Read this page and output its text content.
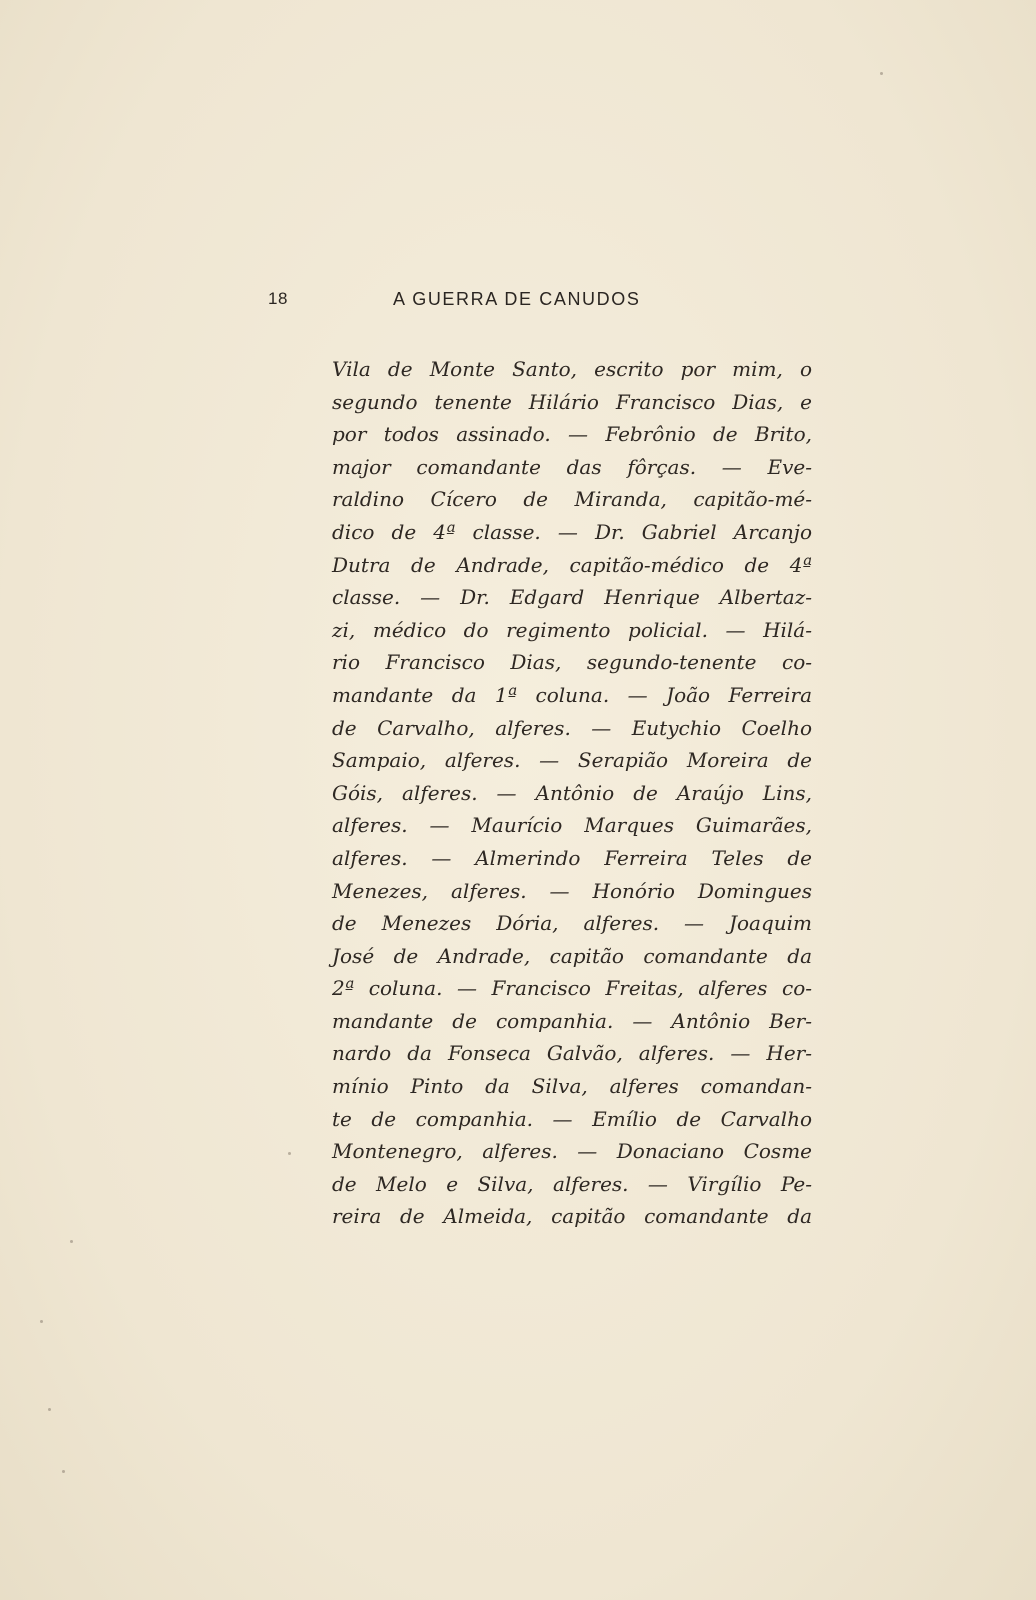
18	A GUERRA DE CANUDOS
Vila de Monte Santo, escrito por mim, o
segundo tenente Hilário Francisco Dias, e
por todos assinado. — Febrônio de Brito,
major comandante das fôrças. — Eve-
raldino Cícero de Miranda, capitão-mé-
dico de 4ª classe. — Dr. Gabriel Arcanjo
Dutra de Andrade, capitão-médico de 4ª
classe. — Dr. Edgard Henrique Albertaz-
zi, médico do regimento policial. — Hilá-
rio Francisco Dias, segundo-tenente co-
mandante da 1ª coluna. — João Ferreira
de Carvalho, alferes. — Eutychio Coelho
Sampaio, alferes. — Serapião Moreira de
Góis, alferes. — Antônio de Araújo Lins,
alferes. — Maurício Marques Guimarães,
alferes. — Almerindo Ferreira Teles de
Menezes, alferes. — Honório Domingues
de Menezes Dória, alferes. — Joaquim
José de Andrade, capitão comandante da
2ª coluna. — Francisco Freitas, alferes co-
mandante de companhia. — Antônio Ber-
nardo da Fonseca Galvão, alferes. — Her-
mínio Pinto da Silva, alferes comandan-
te de companhia. — Emílio de Carvalho
Montenegro, alferes. — Donaciano Cosme
de Melo e Silva, alferes. — Virgílio Pe-
reira de Almeida, capitão comandante da
